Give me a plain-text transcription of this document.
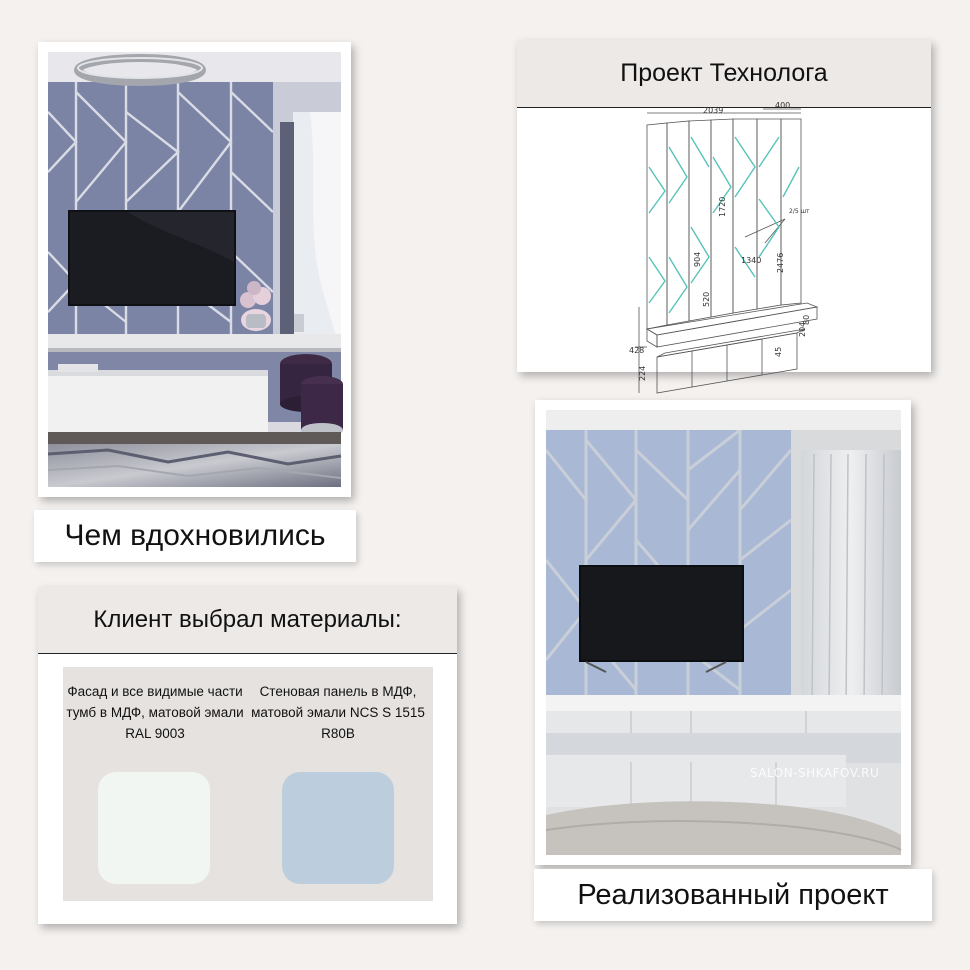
Чем вдохновились
Проект Технолога
2039
400
1340 2476
1720
904
520
2/5 шт
204
428
224
80
45
Клиент выбрал материалы:
Фасад и все видимые части тумб в МДФ, матовой эмали RAL 9003
Стеновая панель в МДФ, матовой эмали NCS S 1515 R80B
SALON-SHKAFOV.RU
Реализованный проект
